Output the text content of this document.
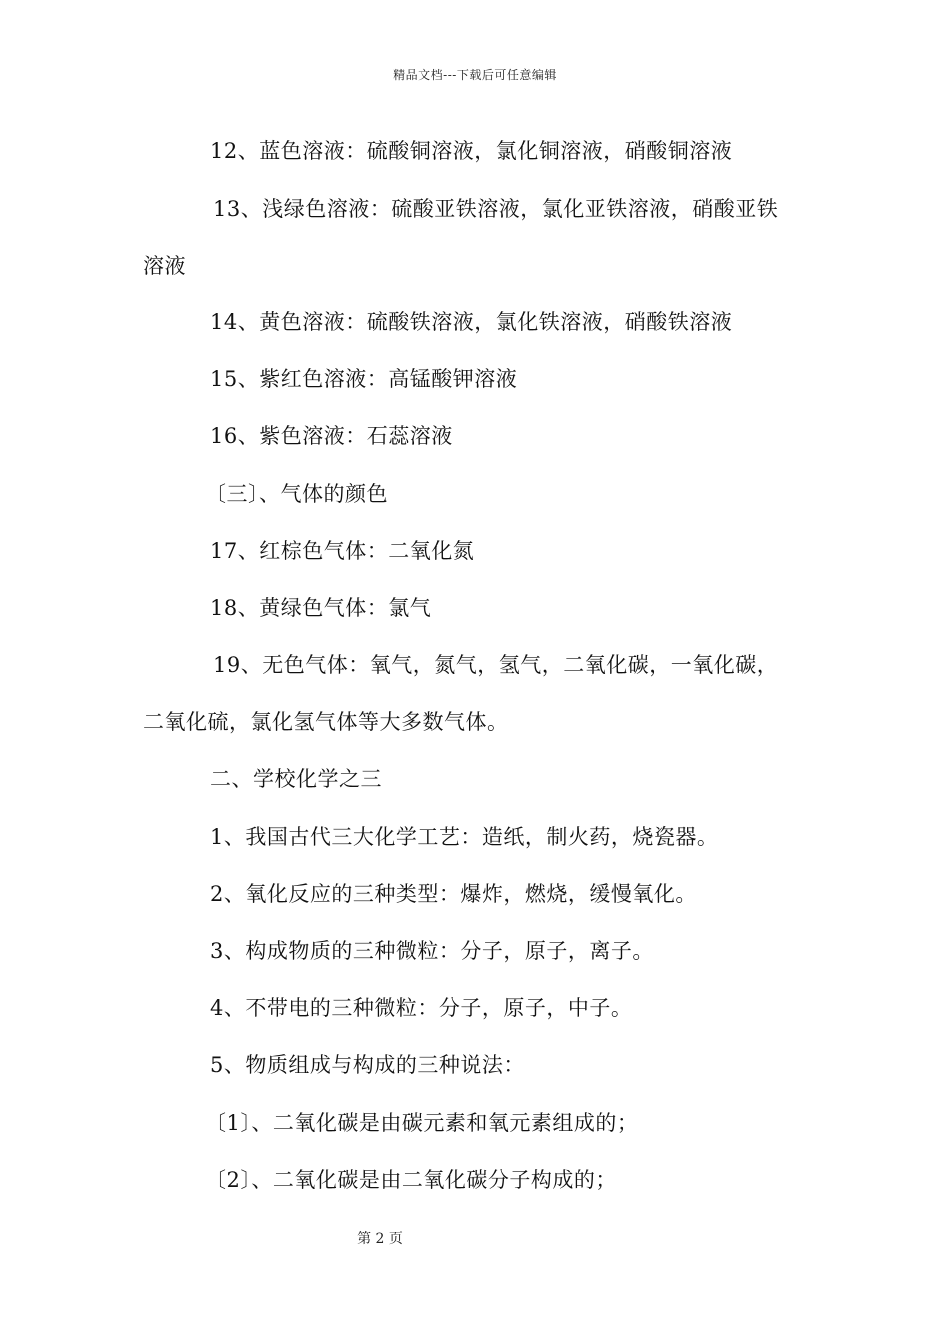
精品文档---下载后可任意编辑
12、蓝色溶液：硫酸铜溶液，氯化铜溶液，硝酸铜溶液
13、浅绿色溶液：硫酸亚铁溶液，氯化亚铁溶液，硝酸亚铁
溶液
14、黄色溶液：硫酸铁溶液，氯化铁溶液，硝酸铁溶液
15、紫红色溶液：高锰酸钾溶液
16、紫色溶液：石蕊溶液
〔三〕、气体的颜色
17、红棕色气体：二氧化氮
18、黄绿色气体：氯气
19、无色气体：氧气，氮气，氢气，二氧化碳，一氧化碳，
二氧化硫，氯化氢气体等大多数气体。
二、学校化学之三
1、我国古代三大化学工艺：造纸，制火药，烧瓷器。
2、氧化反应的三种类型：爆炸，燃烧，缓慢氧化。
3、构成物质的三种微粒：分子，原子，离子。
4、不带电的三种微粒：分子，原子，中子。
5、物质组成与构成的三种说法：
〔1〕、二氧化碳是由碳元素和氧元素组成的；
〔2〕、二氧化碳是由二氧化碳分子构成的；
第 2 页
